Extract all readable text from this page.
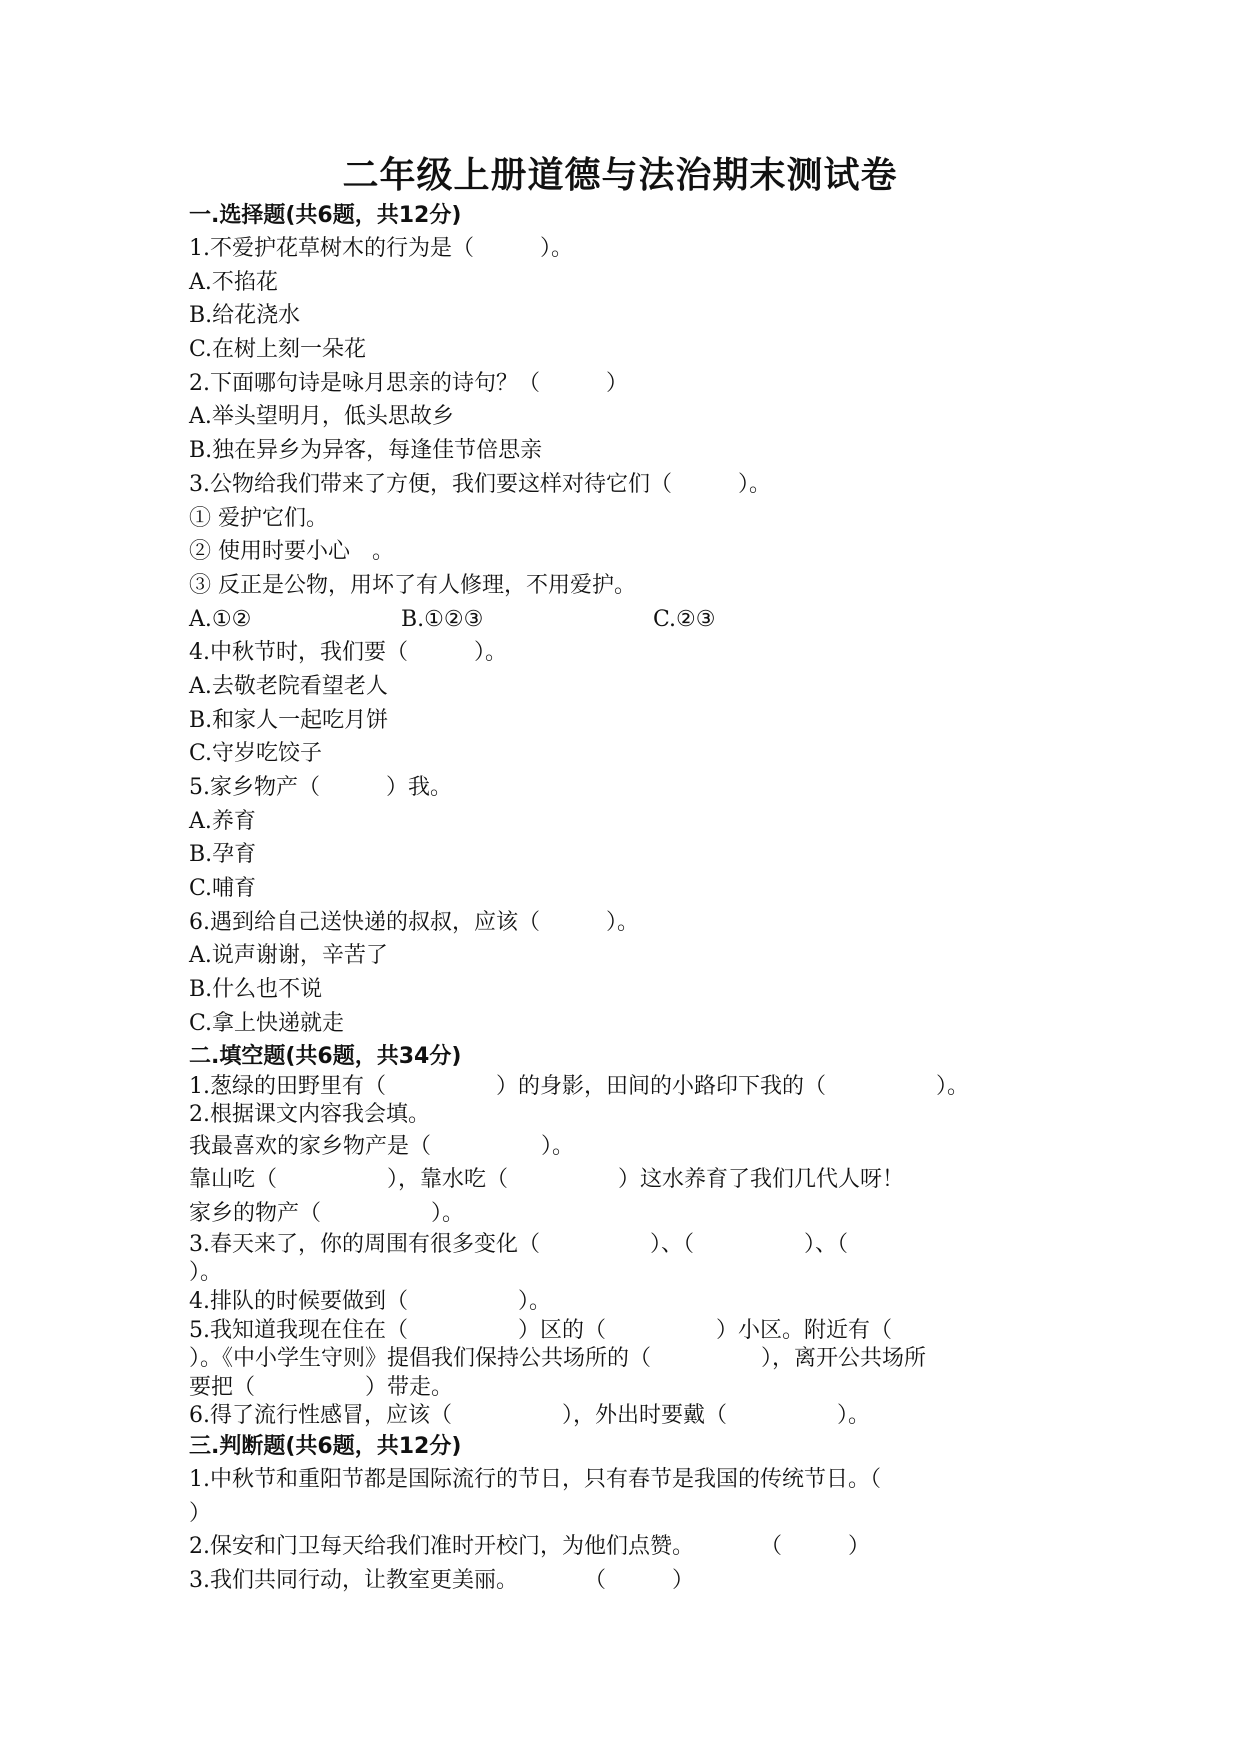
二年级上册道德与法治期末测试卷
一.选择题(共6题，共12分)
1.不爱护花草树木的行为是（　　　）。
A.不掐花
B.给花浇水
C.在树上刻一朵花
2.下面哪句诗是咏月思亲的诗句？（　　　）
A.举头望明月，低头思故乡
B.独在异乡为异客，每逢佳节倍思亲
3.公物给我们带来了方便，我们要这样对待它们（　　　）。
① 爱护它们。
② 使用时要小心　。
③ 反正是公物，用坏了有人修理，不用爱护。
A.①②	B.①②③	C.②③
4.中秋节时，我们要（　　　）。
A.去敬老院看望老人
B.和家人一起吃月饼
C.守岁吃饺子
5.家乡物产（　　　）我。
A.养育
B.孕育
C.哺育
6.遇到给自己送快递的叔叔，应该（　　　）。
A.说声谢谢，辛苦了
B.什么也不说
C.拿上快递就走
二.填空题(共6题，共34分)
1.葱绿的田野里有（　　　　　）的身影，田间的小路印下我的（　　　　　）。
2.根据课文内容我会填。
我最喜欢的家乡物产是（　　　　　）。
靠山吃（　　　　　），靠水吃（　　　　　）这水养育了我们几代人呀！
家乡的物产（　　　　　）。
3.春天来了，你的周围有很多变化（　　　　　）、（　　　　　）、（
）。
4.排队的时候要做到（　　　　　）。
5.我知道我现在住在（　　　　　）区的（　　　　　）小区。附近有（
）。《中小学生守则》提倡我们保持公共场所的（　　　　　），离开公共场所
要把（　　　　　）带走。
6.得了流行性感冒，应该（　　　　　），外出时要戴（　　　　　）。
三.判断题(共6题，共12分)
1.中秋节和重阳节都是国际流行的节日，只有春节是我国的传统节日。（
）
2.保安和门卫每天给我们准时开校门，为他们点赞。　　　　（　　　）
3.我们共同行动，让教室更美丽。　　　　（　　　）
